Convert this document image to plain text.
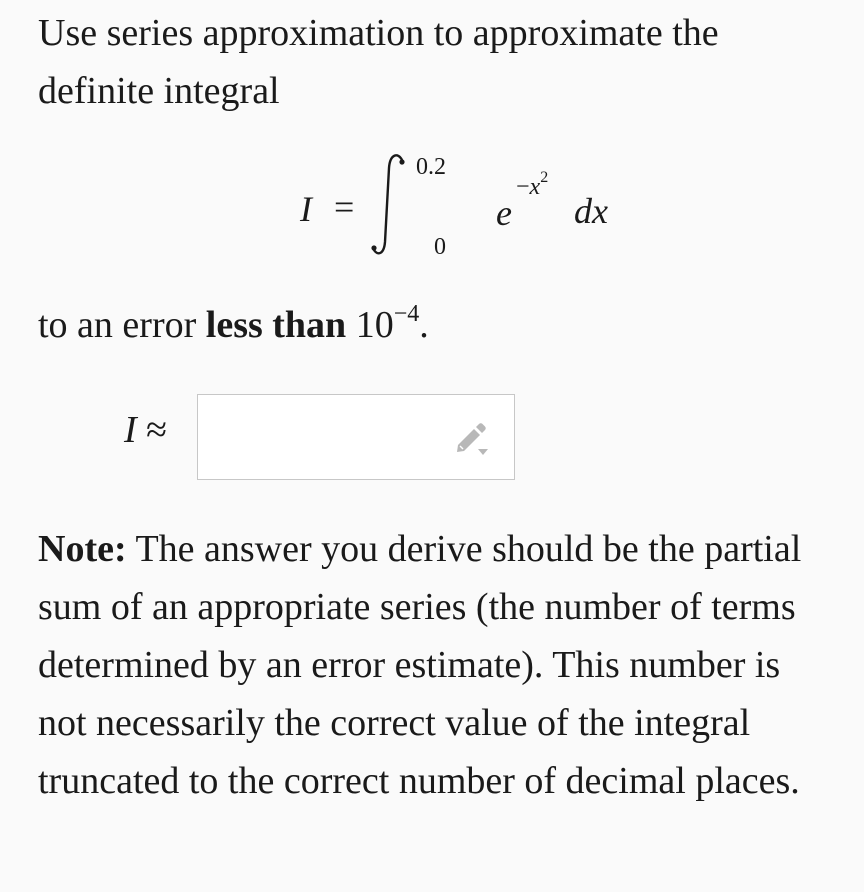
Use series approximation to approximate the definite integral

I =
0.2
0
e
$-x^2$
dx

to an error less than $10^{-4}$.

I ≈

Note: The answer you derive should be the partial sum of an appropriate series (the number of terms determined by an error estimate). This number is not necessarily the correct value of the integral truncated to the correct number of decimal places.
